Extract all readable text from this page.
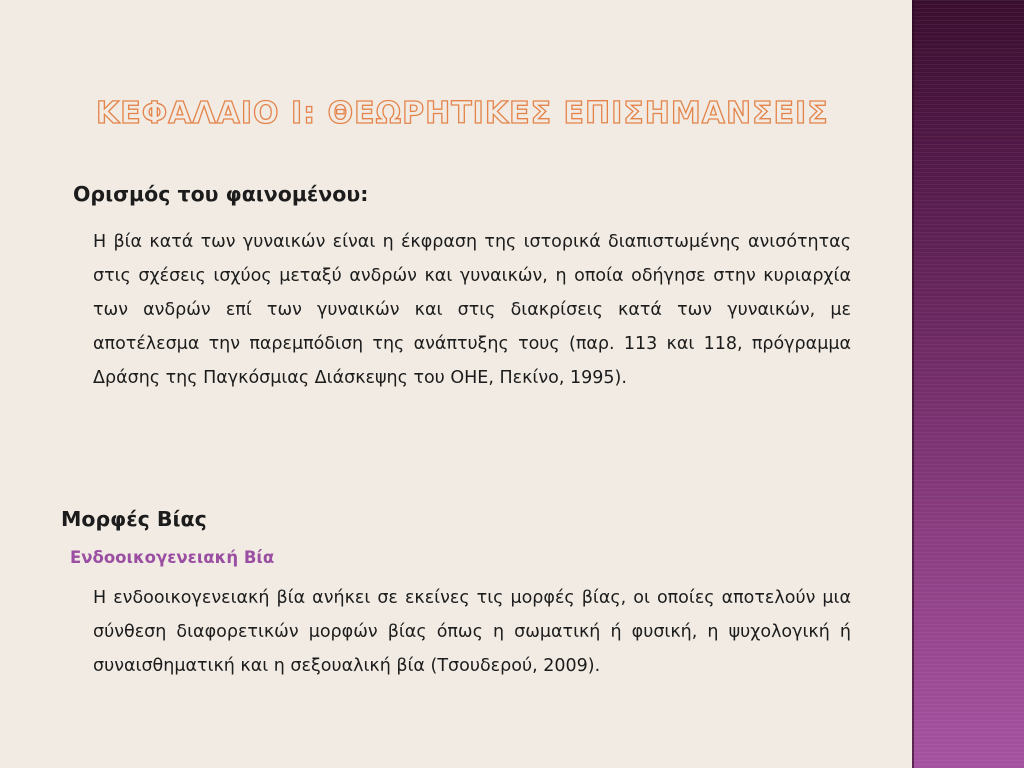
ΚΕΦΑΛΑΙΟ Ι: ΘΕΩΡΗΤΙΚΕΣ ΕΠΙΣΗΜΑΝΣΕΙΣ
Ορισμός του φαινομένου:

Η βία κατά των γυναικών είναι η έκφραση της ιστορικά διαπιστωμένης ανισότητας στις σχέσεις ισχύος μεταξύ ανδρών και γυναικών, η οποία οδήγησε στην κυριαρχία των ανδρών επί των γυναικών και στις διακρίσεις κατά των γυναικών, με αποτέλεσμα την παρεμπόδιση της ανάπτυξης τους (παρ. 113 και 118, πρόγραμμα Δράσης της Παγκόσμιας Διάσκεψης του ΟΗΕ, Πεκίνο, 1995).

Μορφές Βίας
Ενδοοικογενειακή Βία

Η ενδοοικογενειακή βία ανήκει σε εκείνες τις μορφές βίας, οι οποίες αποτελούν μια σύνθεση διαφορετικών μορφών βίας όπως η σωματική ή φυσική, η ψυχολογική ή συναισθηματική και η σεξουαλική βία (Τσουδερού, 2009).
